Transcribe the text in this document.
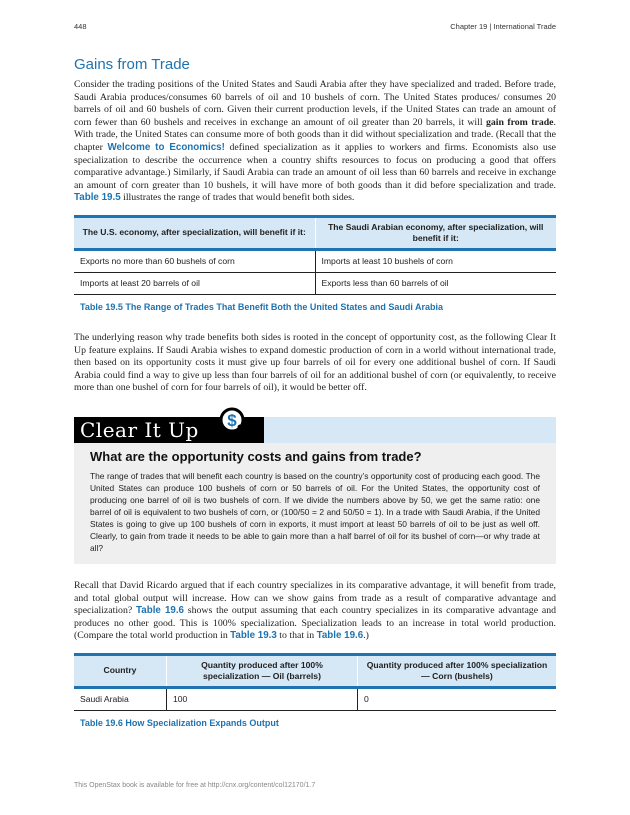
448	Chapter 19 | International Trade
Gains from Trade

Consider the trading positions of the United States and Saudi Arabia after they have specialized and traded. Before trade, Saudi Arabia produces/consumes 60 barrels of oil and 10 bushels of corn. The United States produces/ consumes 20 barrels of oil and 60 bushels of corn. Given their current production levels, if the United States can trade an amount of corn fewer than 60 bushels and receives in exchange an amount of oil greater than 20 barrels, it will gain from trade. With trade, the United States can consume more of both goods than it did without specialization and trade. (Recall that the chapter Welcome to Economics! defined specialization as it applies to workers and firms. Economists also use specialization to describe the occurrence when a country shifts resources to focus on producing a good that offers comparative advantage.) Similarly, if Saudi Arabia can trade an amount of oil less than 60 barrels and receive in exchange an amount of corn greater than 10 bushels, it will have more of both goods than it did before specialization and trade. Table 19.5 illustrates the range of trades that would benefit both sides.

The U.S. economy, after specialization, will benefit if it:	The Saudi Arabian economy, after specialization, will benefit if it:
Exports no more than 60 bushels of corn	Imports at least 10 bushels of corn
Imports at least 20 barrels of oil	Exports less than 60 barrels of oil
Table 19.5 The Range of Trades That Benefit Both the United States and Saudi Arabia

The underlying reason why trade benefits both sides is rooted in the concept of opportunity cost, as the following Clear It Up feature explains. If Saudi Arabia wishes to expand domestic production of corn in a world without international trade, then based on its opportunity costs it must give up four barrels of oil for every one additional bushel of corn. If Saudi Arabia could find a way to give up less than four barrels of oil for an additional bushel of corn (or equivalently, to receive more than one bushel of corn for four barrels of oil), it would be better off.

Clear It Up	$
What are the opportunity costs and gains from trade?

The range of trades that will benefit each country is based on the country’s opportunity cost of producing each good. The United States can produce 100 bushels of corn or 50 barrels of oil. For the United States, the opportunity cost of producing one barrel of oil is two bushels of corn. If we divide the numbers above by 50, we get the same ratio: one barrel of oil is equivalent to two bushels of corn, or (100/50 = 2 and 50/50 = 1). In a trade with Saudi Arabia, if the United States is going to give up 100 bushels of corn in exports, it must import at least 50 barrels of oil to be just as well off. Clearly, to gain from trade it needs to be able to gain more than a half barrel of oil for its bushel of corn—or why trade at all?

Recall that David Ricardo argued that if each country specializes in its comparative advantage, it will benefit from trade, and total global output will increase. How can we show gains from trade as a result of comparative advantage and specialization? Table 19.6 shows the output assuming that each country specializes in its comparative advantage and produces no other good. This is 100% specialization. Specialization leads to an increase in total world production. (Compare the total world production in Table 19.3 to that in Table 19.6.)

Country	Quantity produced after 100% specialization — Oil (barrels)	Quantity produced after 100% specialization — Corn (bushels)
Saudi Arabia	100	0
Table 19.6 How Specialization Expands Output
This OpenStax book is available for free at http://cnx.org/content/col12170/1.7
